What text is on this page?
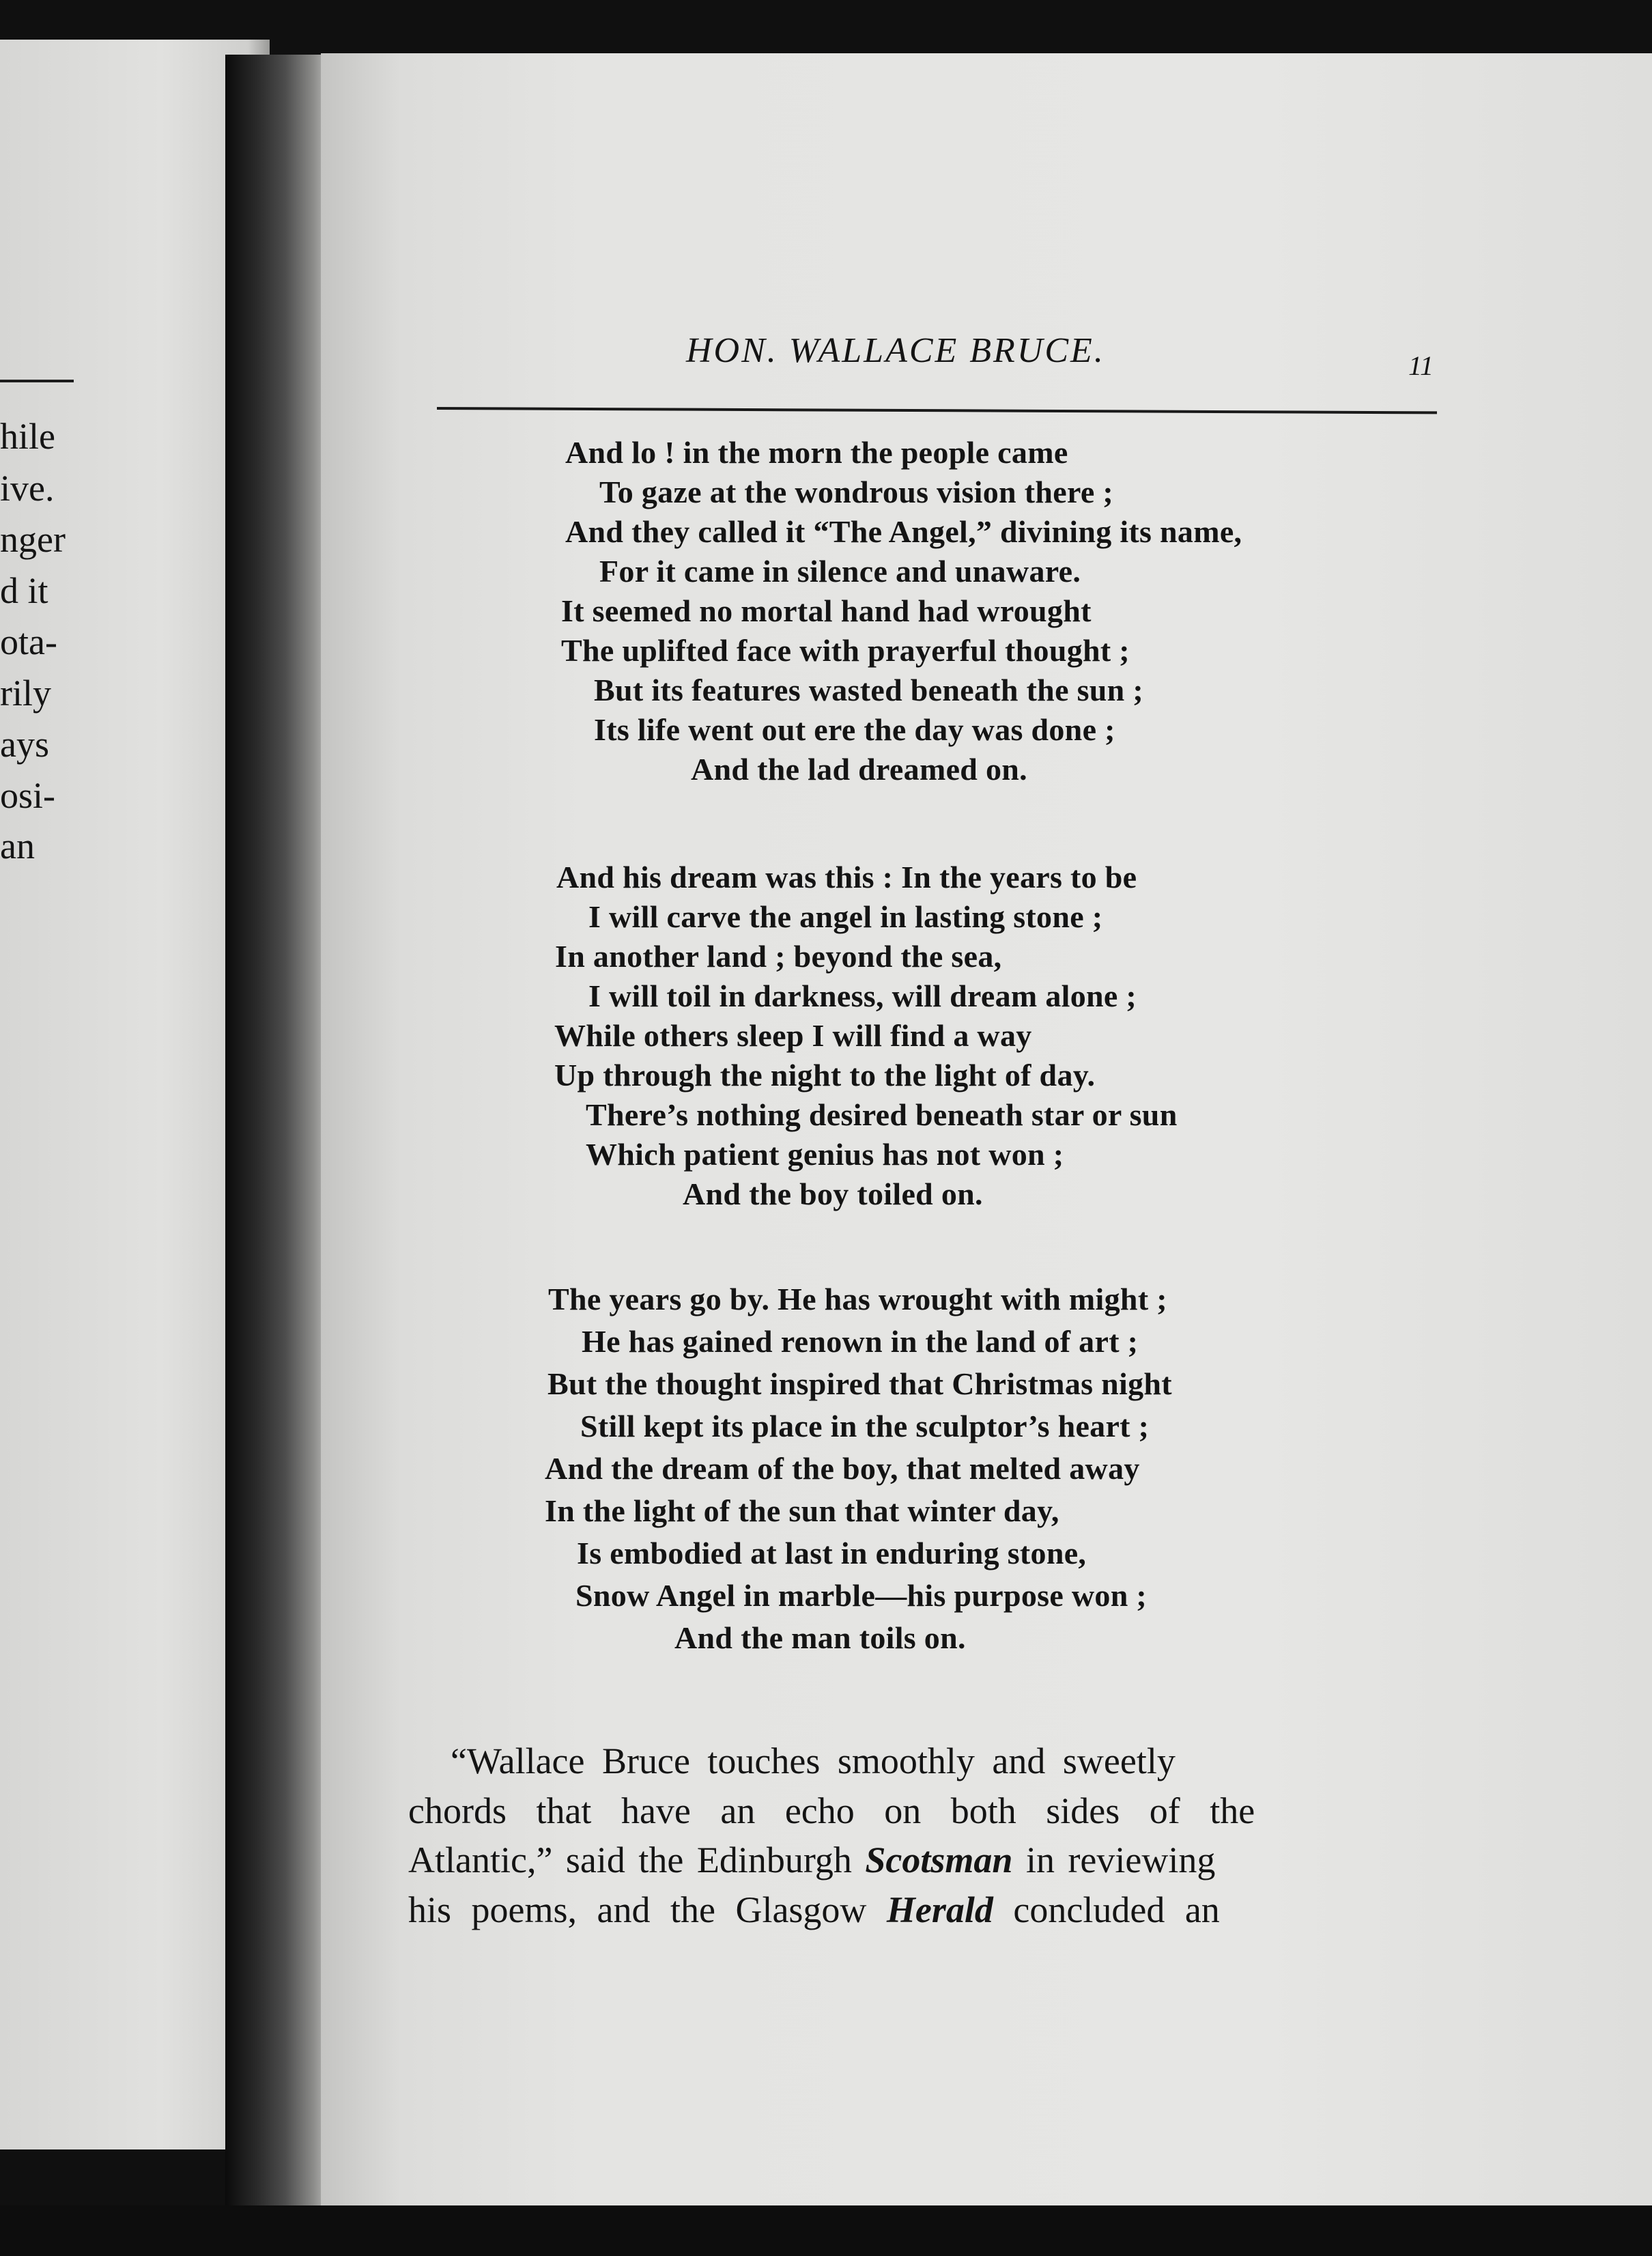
hile
ive.
nger
d it
ota-
rily
ays
osi-
an
HON. WALLACE BRUCE.	11
And lo ! in the morn the people came
To gaze at the wondrous vision there ;
And they called it “The Angel,” divining its name,
For it came in silence and unaware.
It seemed no mortal hand had wrought
The uplifted face with prayerful thought ;
But its features wasted beneath the sun ;
Its life went out ere the day was done ;
And the lad dreamed on.
And his dream was this : In the years to be
I will carve the angel in lasting stone ;
In another land ; beyond the sea,
I will toil in darkness, will dream alone ;
While others sleep I will find a way
Up through the night to the light of day.
There’s nothing desired beneath star or sun
Which patient genius has not won ;
And the boy toiled on.
The years go by. He has wrought with might ;
He has gained renown in the land of art ;
But the thought inspired that Christmas night
Still kept its place in the sculptor’s heart ;
And the dream of the boy, that melted away
In the light of the sun that winter day,
Is embodied at last in enduring stone,
Snow Angel in marble—his purpose won ;
And the man toils on.
“Wallace Bruce touches smoothly and sweetly
chords that have an echo on both sides of the
Atlantic,” said the Edinburgh Scotsman in reviewing
his poems, and the Glasgow Herald concluded an
